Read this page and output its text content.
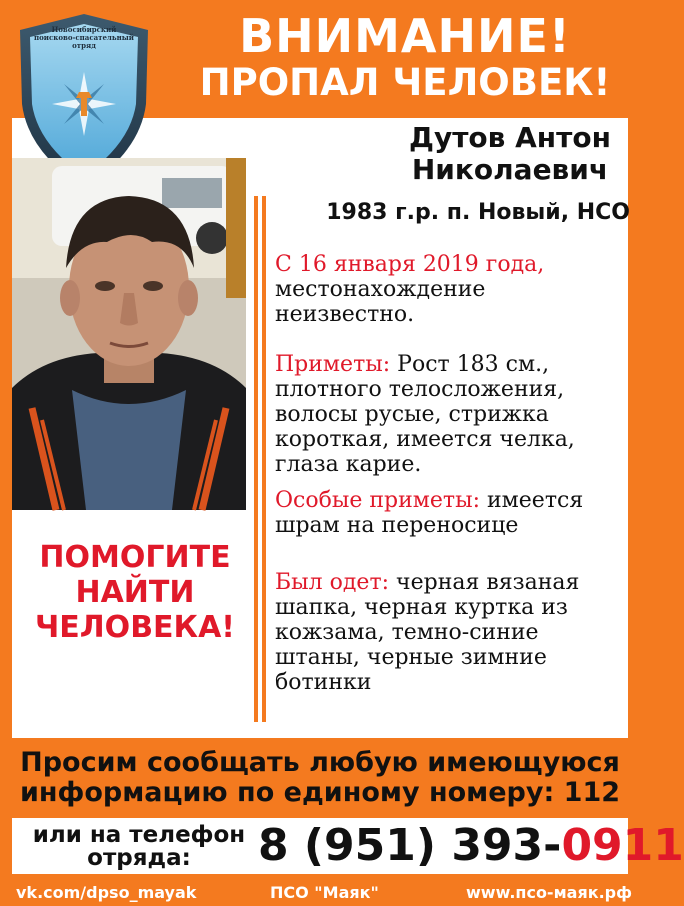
ВНИМАНИЕ!
ПРОПАЛ ЧЕЛОВЕК!
Новосибирский поисково-спасательный отряд
Дутов Антон
Николаевич
1983 г.р. п. Новый, НСО
С 16 января 2019 года, местонахождение неизвестно.
Приметы: Рост 183 см., плотного телосложения, волосы русые, стрижка короткая, имеется челка, глаза карие.
Особые приметы: имеется шрам на переносице
Был одет: черная вязаная шапка, черная куртка из кожзама, темно-синие штаны, черные зимние ботинки
ПОМОГИТЕ НАЙТИ ЧЕЛОВЕКА!
Просим сообщать любую имеющуюся
информацию по единому номеру: 112
или на телефон
отряда:	8 (951) 393-0911
vk.com/dpso_mayak	ПСО "Маяк"	www.псо-маяк.рф
